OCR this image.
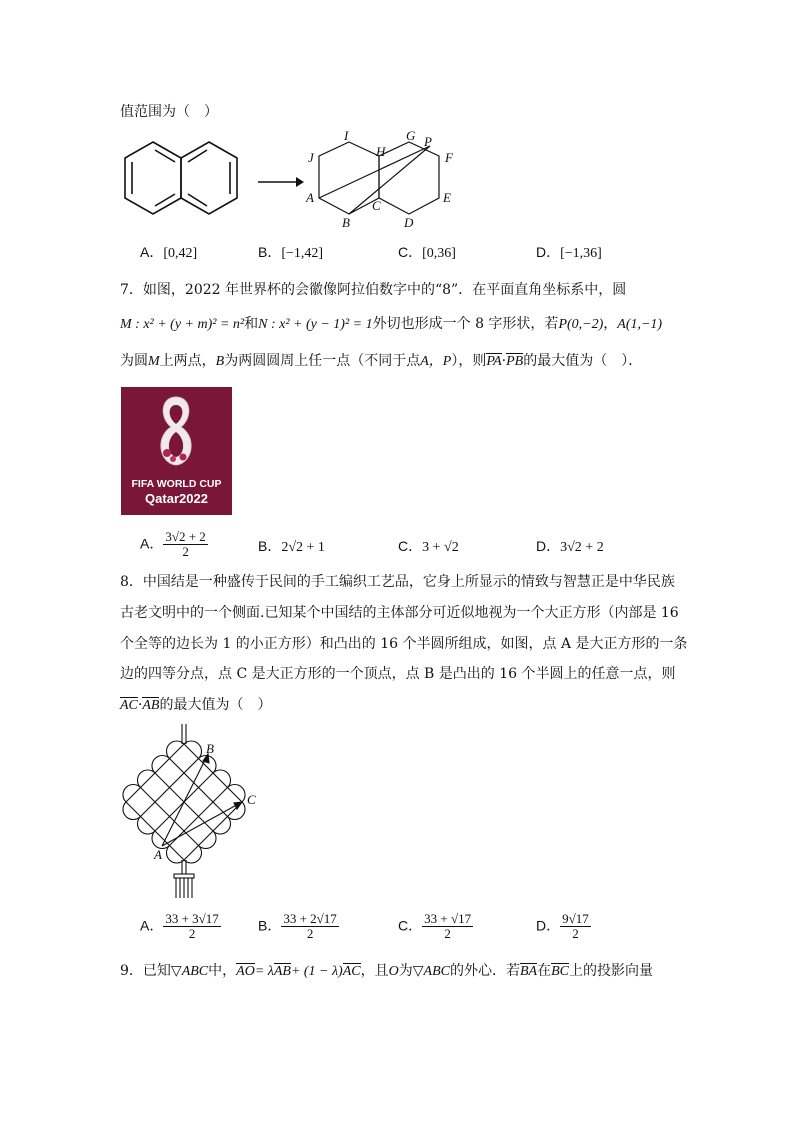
值范围为（　）
I	G P
J	H	F
A
C
E
B	D
A．[0,42]	B．[−1,42]	C．[0,36]	D．[−1,36]
7．如图，2022 年世界杯的会徽像阿拉伯数字中的“8”．在平面直角坐标系中，圆
M : x² + (y + m)² = n²和N : x² + (y − 1)² = 1外切也形成一个 8 字形状，若P(0,−2)，A(1,−1)
为圆M上两点，B为两圆圆周上任一点（不同于点A，P），则PA·PB的最大值为（　）．
FIFA WORLD CUP
Qatar2022
A． $\frac{3√2 + 2}{2}$	B．2√2 + 1	C．3 + √2	D．3√2 + 2
8．中国结是一种盛传于民间的手工编织工艺品，它身上所显示的情致与智慧正是中华民族
古老文明中的一个侧面.已知某个中国结的主体部分可近似地视为一个大正方形（内部是 16
个全等的边长为 1 的小正方形）和凸出的 16 个半圆所组成，如图，点 A 是大正方形的一条
边的四等分点，点 C 是大正方形的一个顶点，点 B 是凸出的 16 个半圆上的任意一点，则
AC·AB的最大值为（　）
B
C
A
A． $\frac{33 + 3√17}{2}$	B． $\frac{33 + 2√17}{2}$	C． $\frac{33 + √17}{2}$	D． $\frac{9√17}{2}$
9．已知▽ABC中，AO= λAB+ (1 − λ)AC，且O为▽ABC的外心．若BA在BC上的投影向量
